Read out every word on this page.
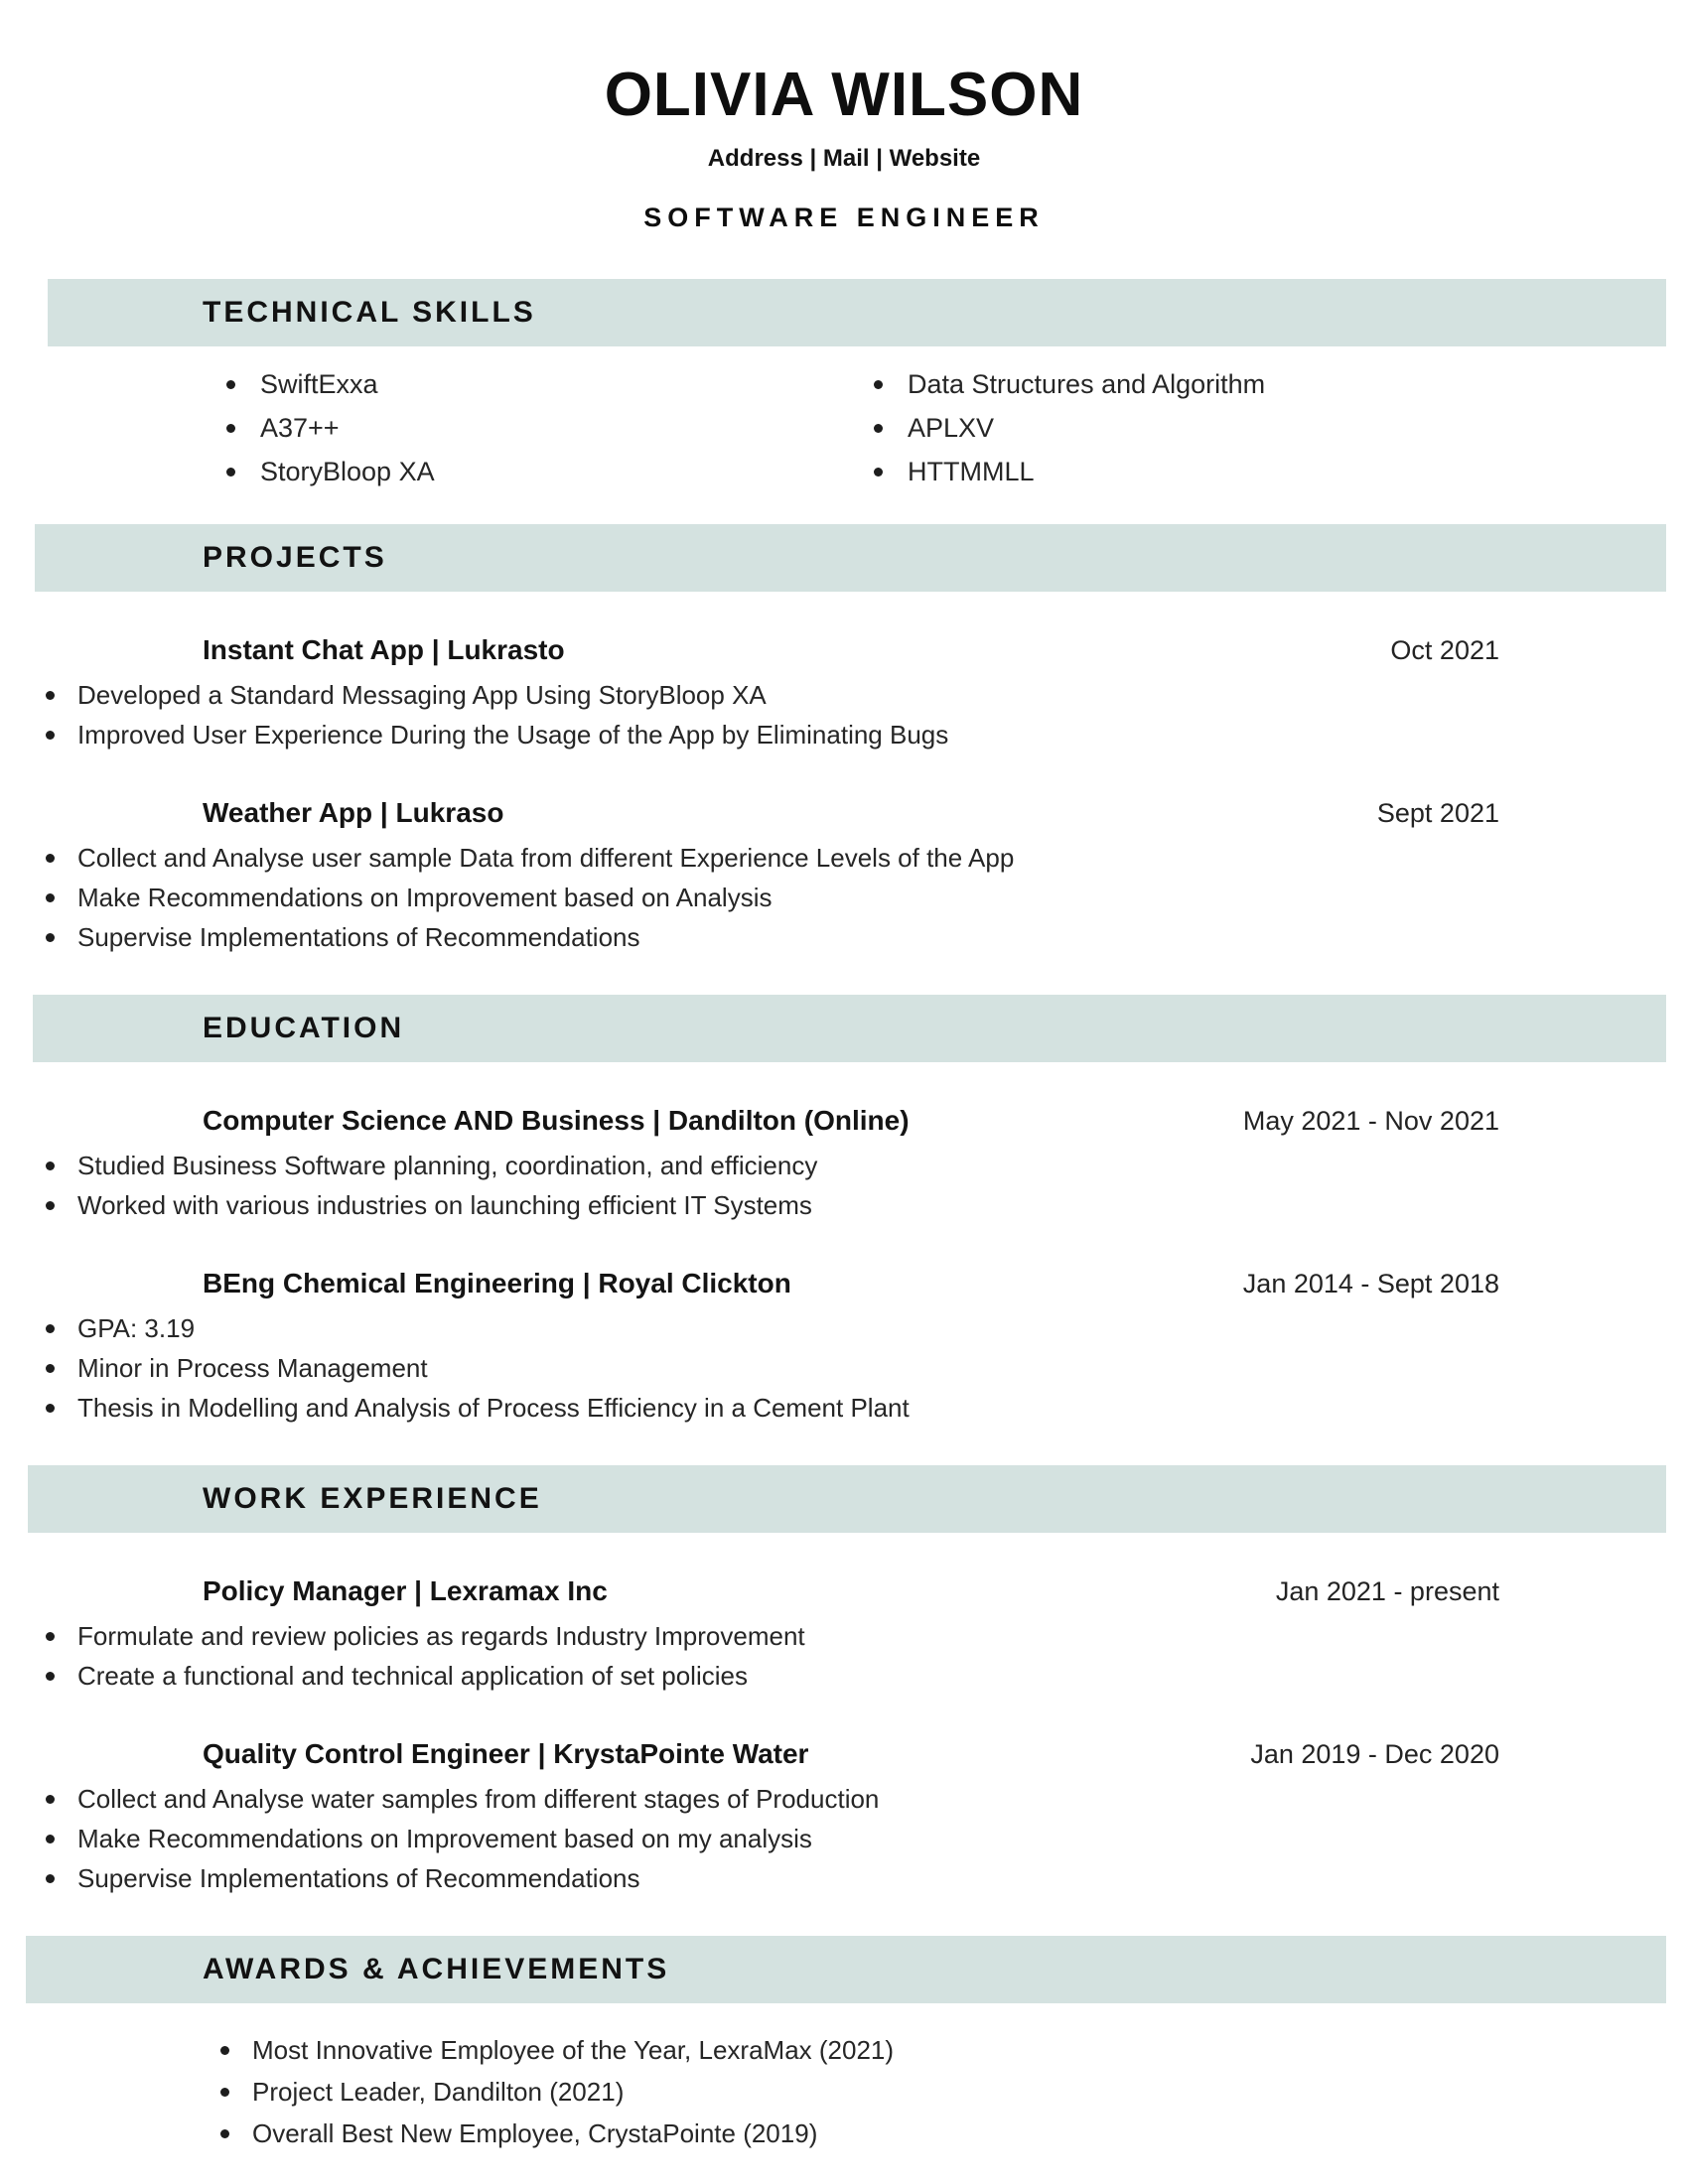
OLIVIA WILSON
Address | Mail | Website
SOFTWARE ENGINEER
TECHNICAL SKILLS
SwiftExxa
A37++
StoryBloop XA
Data Structures and Algorithm
APLXV
HTTMMLL
PROJECTS
Instant Chat App | Lukrasto	Oct 2021
Developed a Standard Messaging App Using StoryBloop XA
Improved User Experience During the Usage of the App by Eliminating Bugs
Weather App | Lukraso	Sept 2021
Collect and Analyse user sample Data from different Experience Levels of the App
Make Recommendations on Improvement based on Analysis
Supervise Implementations of Recommendations
EDUCATION
Computer Science AND Business | Dandilton (Online)	May 2021 - Nov 2021
Studied Business Software planning, coordination, and efficiency
Worked with various industries on launching efficient IT Systems
BEng Chemical Engineering | Royal Clickton	Jan 2014 - Sept 2018
GPA: 3.19
Minor in Process Management
Thesis in Modelling and Analysis of Process Efficiency in a Cement Plant
WORK EXPERIENCE
Policy Manager | Lexramax Inc	Jan 2021 - present
Formulate and review policies as regards Industry Improvement
Create a functional and technical application of set policies
Quality Control Engineer | KrystaPointe Water	Jan 2019 - Dec 2020
Collect and Analyse water samples from different stages of Production
Make Recommendations on Improvement based on my analysis
Supervise Implementations of Recommendations
AWARDS & ACHIEVEMENTS
Most Innovative Employee of the Year, LexraMax (2021)
Project Leader, Dandilton (2021)
Overall Best New Employee, CrystaPointe (2019)
